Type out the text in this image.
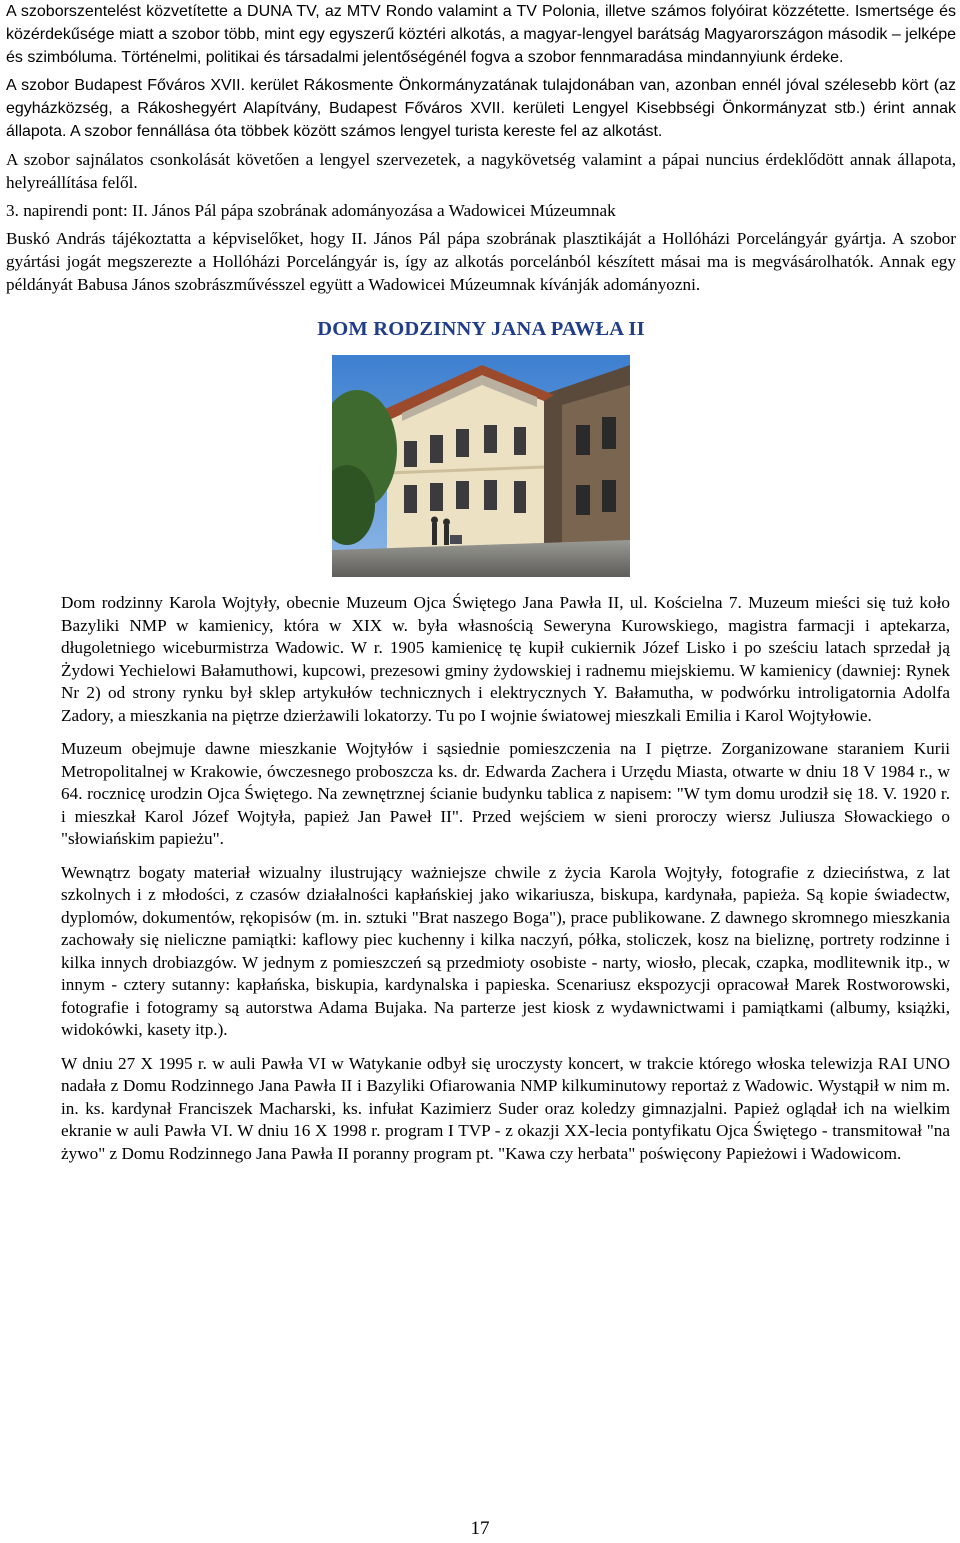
A szoborszentelést közvetítette a DUNA TV, az MTV Rondo valamint a TV Polonia, illetve számos folyóirat közzétette. Ismertsége és közérdekűsége miatt a szobor több, mint egy egyszerű köztéri alkotás, a magyar-lengyel barátság Magyarországon második – jelképe és szimbóluma. Történelmi, politikai és társadalmi jelentőségénél fogva a szobor fennmaradása mindannyiunk érdeke.

A szobor Budapest Főváros XVII. kerület Rákosmente Önkormányzatának tulajdonában van, azonban ennél jóval szélesebb kört (az egyházközség, a Rákoshegyért Alapítvány, Budapest Főváros XVII. kerületi Lengyel Kisebbségi Önkormányzat stb.) érint annak állapota. A szobor fennállása óta többek között számos lengyel turista kereste fel az alkotást.

A szobor sajnálatos csonkolását követően a lengyel szervezetek, a nagykövetség valamint a pápai nuncius érdeklődött annak állapota, helyreállítása felől.

3. napirendi pont: II. János Pál pápa szobrának adományozása a Wadowicei Múzeumnak

Buskó András tájékoztatta a képviselőket, hogy II. János Pál pápa szobrának plasztikáját a Hollóházi Porcelángyár gyártja. A szobor gyártási jogát megszerezte a Hollóházi Porcelángyár is, így az alkotás porcelánból készített másai ma is megvásárolhatók. Annak egy példányát Babusa János szobrászművésszel együtt a Wadowicei Múzeumnak kívánják adományozni.

DOM RODZINNY JANA PAWŁA II

Dom rodzinny Karola Wojtyły, obecnie Muzeum Ojca Świętego Jana Pawła II, ul. Kościelna 7. Muzeum mieści się tuż koło Bazyliki NMP w kamienicy, która w XIX w. była własnością Seweryna Kurowskiego, magistra farmacji i aptekarza, długoletniego wiceburmistrza Wadowic. W r. 1905 kamienicę tę kupił cukiernik Józef Lisko i po sześciu latach sprzedał ją Żydowi Yechielowi Bałamuthowi, kupcowi, prezesowi gminy żydowskiej i radnemu miejskiemu. W kamienicy (dawniej: Rynek Nr 2) od strony rynku był sklep artykułów technicznych i elektrycznych Y. Bałamutha, w podwórku introligatornia Adolfa Zadory, a mieszkania na piętrze dzierżawili lokatorzy. Tu po I wojnie światowej mieszkali Emilia i Karol Wojtyłowie.

Muzeum obejmuje dawne mieszkanie Wojtyłów i sąsiednie pomieszczenia na I piętrze. Zorganizowane staraniem Kurii Metropolitalnej w Krakowie, ówczesnego proboszcza ks. dr. Edwarda Zachera i Urzędu Miasta, otwarte w dniu 18 V 1984 r., w 64. rocznicę urodzin Ojca Świętego. Na zewnętrznej ścianie budynku tablica z napisem: "W tym domu urodził się 18. V. 1920 r. i mieszkał Karol Józef Wojtyła, papież Jan Paweł II". Przed wejściem w sieni proroczy wiersz Juliusza Słowackiego o "słowiańskim papieżu".

Wewnątrz bogaty materiał wizualny ilustrujący ważniejsze chwile z życia Karola Wojtyły, fotografie z dzieciństwa, z lat szkolnych i z młodości, z czasów działalności kapłańskiej jako wikariusza, biskupa, kardynała, papieża. Są kopie świadectw, dyplomów, dokumentów, rękopisów (m. in. sztuki "Brat naszego Boga"), prace publikowane. Z dawnego skromnego mieszkania zachowały się nieliczne pamiątki: kaflowy piec kuchenny i kilka naczyń, półka, stoliczek, kosz na bieliznę, portrety rodzinne i kilka innych drobiazgów. W jednym z pomieszczeń są przedmioty osobiste - narty, wiosło, plecak, czapka, modlitewnik itp., w innym - cztery sutanny: kapłańska, biskupia, kardynalska i papieska. Scenariusz ekspozycji opracował Marek Rostworowski, fotografie i fotogramy są autorstwa Adama Bujaka. Na parterze jest kiosk z wydawnictwami i pamiątkami (albumy, książki, widokówki, kasety itp.).

W dniu 27 X 1995 r. w auli Pawła VI w Watykanie odbył się uroczysty koncert, w trakcie którego włoska telewizja RAI UNO nadała z Domu Rodzinnego Jana Pawła II i Bazyliki Ofiarowania NMP kilkuminutowy reportaż z Wadowic. Wystąpił w nim m. in. ks. kardynał Franciszek Macharski, ks. infułat Kazimierz Suder oraz koledzy gimnazjalni. Papież oglądał ich na wielkim ekranie w auli Pawła VI. W dniu 16 X 1998 r. program I TVP - z okazji XX-lecia pontyfikatu Ojca Świętego - transmitował "na żywo" z Domu Rodzinnego Jana Pawła II poranny program pt. "Kawa czy herbata" poświęcony Papieżowi i Wadowicom.

17
